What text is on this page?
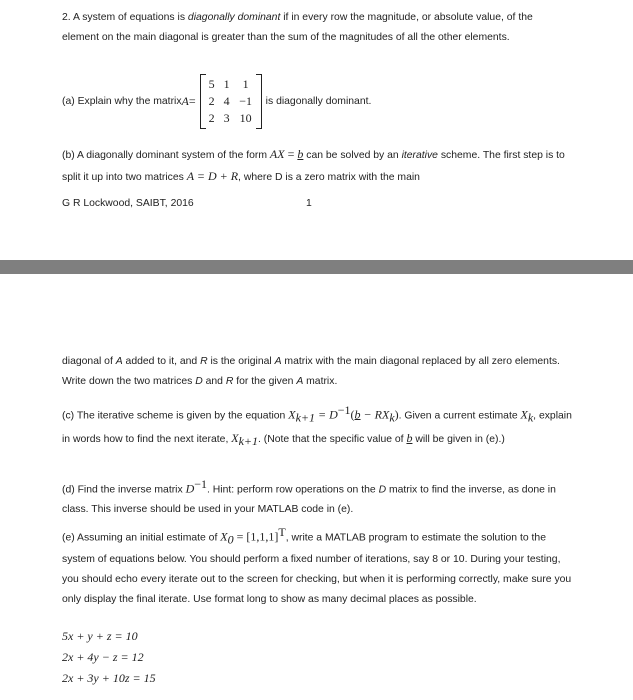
2. A system of equations is diagonally dominant if in every row the magnitude, or absolute value, of the element on the main diagonal is greater than the sum of the magnitudes of all the other elements.

(a) Explain why the matrix A =
5 1	1
2 4 −1
2 3 10
is diagonally dominant.

(b) A diagonally dominant system of the form AX = b can be solved by an iterative scheme. The first step is to split it up into two matrices A = D + R, where D is a zero matrix with the main

G R Lockwood, SAIBT, 2016	1

diagonal of A added to it, and R is the original A matrix with the main diagonal replaced by all zero elements. Write down the two matrices D and R for the given A matrix.

(c) The iterative scheme is given by the equation $X_{k+1} = D^{-1}(b - RX_k)$. Given a current estimate $X_k$, explain in words how to find the next iterate, $X_{k+1}$. (Note that the specific value of b will be given in (e).)

(d) Find the inverse matrix $D^{-1}$. Hint: perform row operations on the D matrix to find the inverse, as done in class. This inverse should be used in your MATLAB code in (e).

(e) Assuming an initial estimate of $X_0 = [1,1,1]^T$, write a MATLAB program to estimate the solution to the system of equations below. You should perform a fixed number of iterations, say 8 or 10. During your testing, you should echo every iterate out to the screen for checking, but when it is performing correctly, make sure you only display the final iterate. Use format long to show as many decimal places as possible.

5x + y + z = 10
2x + 4y − z = 12
2x + 3y + 10z = 15
